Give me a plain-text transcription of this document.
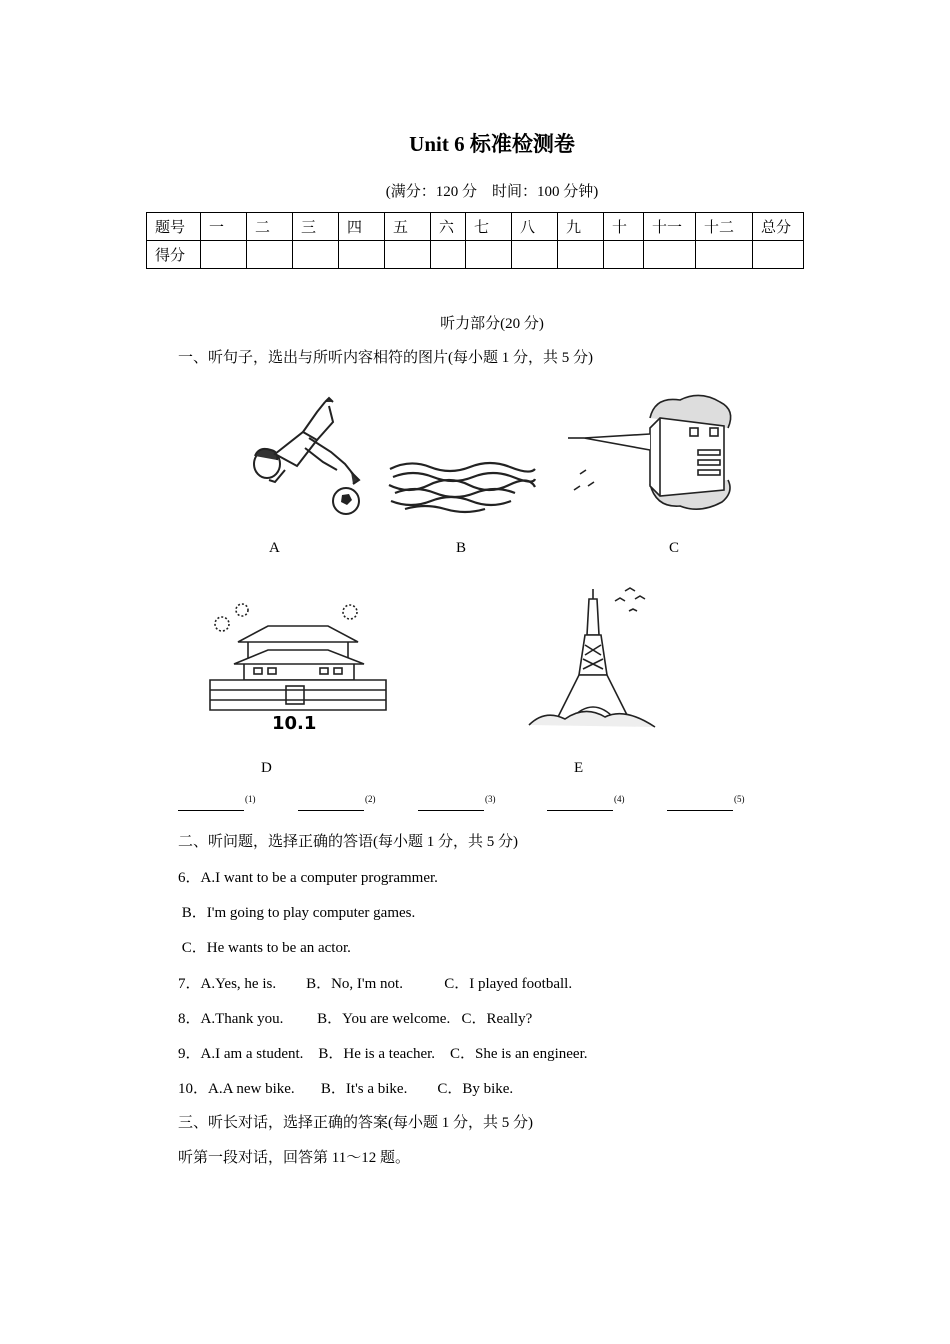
Unit 6 标准检测卷
(满分：120 分　时间：100 分钟)
题号	一	二	三	四	五	六	七	八	九	十	十一	十二	总分
得分													
听力部分(20 分)
一、听句子，选出与所听内容相符的图片(每小题 1 分，共 5 分)
A	B	C
10.1
D	E
(1)	(2)	(3)	(4)	(5)
二、听问题，选择正确的答语(每小题 1 分，共 5 分)
6．A.I want to be a computer programmer.
B．I'm going to play computer games.
C．He wants to be an actor.
7．A.Yes, he is.        B．No, I'm not.           C．I played football.
8．A.Thank you.         B．You are welcome.   C．Really?
9．A.I am a student.    B．He is a teacher.    C．She is an engineer.
10．A.A new bike.       B．It's a bike.        C．By bike.
三、听长对话，选择正确的答案(每小题 1 分，共 5 分)
听第一段对话，回答第 11～12 题。
